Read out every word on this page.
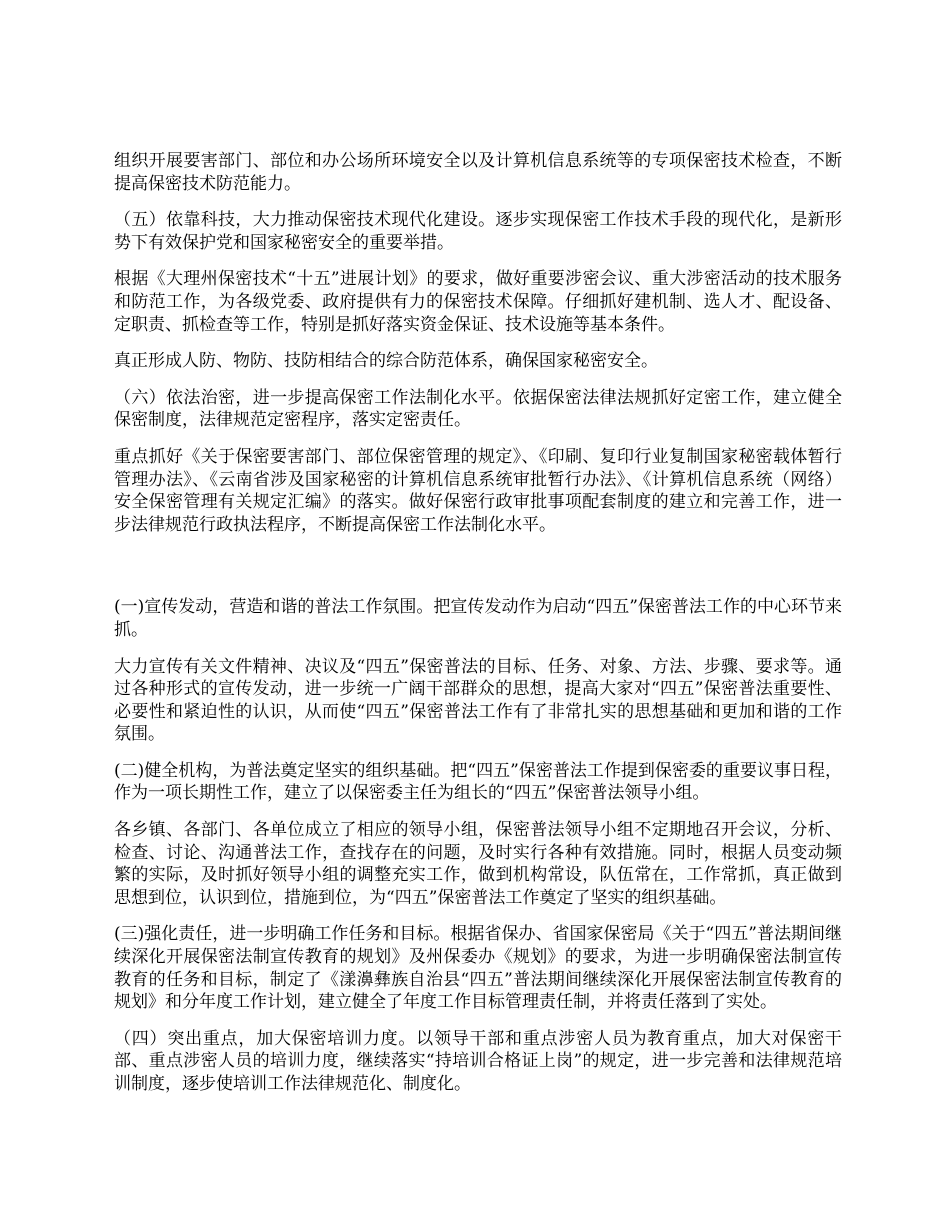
组织开展要害部门、部位和办公场所环境安全以及计算机信息系统等的专项保密技术检查，不断提高保密技术防范能力。

（五）依靠科技，大力推动保密技术现代化建设。逐步实现保密工作技术手段的现代化，是新形势下有效保护党和国家秘密安全的重要举措。

根据《大理州保密技术“十五”进展计划》的要求，做好重要涉密会议、重大涉密活动的技术服务和防范工作，为各级党委、政府提供有力的保密技术保障。仔细抓好建机制、选人才、配设备、定职责、抓检查等工作，特别是抓好落实资金保证、技术设施等基本条件。

真正形成人防、物防、技防相结合的综合防范体系，确保国家秘密安全。

（六）依法治密，进一步提高保密工作法制化水平。依据保密法律法规抓好定密工作，建立健全保密制度，法律规范定密程序，落实定密责任。

重点抓好《关于保密要害部门、部位保密管理的规定》、《印刷、复印行业复制国家秘密载体暂行管理办法》、《云南省涉及国家秘密的计算机信息系统审批暂行办法》、《计算机信息系统（网络）安全保密管理有关规定汇编》的落实。做好保密行政审批事项配套制度的建立和完善工作，进一步法律规范行政执法程序，不断提高保密工作法制化水平。

(一)宣传发动，营造和谐的普法工作氛围。把宣传发动作为启动“四五”保密普法工作的中心环节来抓。

大力宣传有关文件精神、决议及“四五”保密普法的目标、任务、对象、方法、步骤、要求等。通过各种形式的宣传发动，进一步统一广阔干部群众的思想，提高大家对“四五”保密普法重要性、必要性和紧迫性的认识，从而使“四五”保密普法工作有了非常扎实的思想基础和更加和谐的工作氛围。

(二)健全机构，为普法奠定坚实的组织基础。把“四五”保密普法工作提到保密委的重要议事日程，作为一项长期性工作，建立了以保密委主任为组长的“四五”保密普法领导小组。

各乡镇、各部门、各单位成立了相应的领导小组，保密普法领导小组不定期地召开会议，分析、检查、讨论、沟通普法工作，查找存在的问题，及时实行各种有效措施。同时，根据人员变动频繁的实际，及时抓好领导小组的调整充实工作，做到机构常设，队伍常在，工作常抓，真正做到思想到位，认识到位，措施到位，为“四五”保密普法工作奠定了坚实的组织基础。

(三)强化责任，进一步明确工作任务和目标。根据省保办、省国家保密局《关于“四五”普法期间继续深化开展保密法制宣传教育的规划》及州保委办《规划》的要求，为进一步明确保密法制宣传教育的任务和目标，制定了《漾濞彝族自治县“四五”普法期间继续深化开展保密法制宣传教育的规划》和分年度工作计划，建立健全了年度工作目标管理责任制，并将责任落到了实处。

（四）突出重点，加大保密培训力度。以领导干部和重点涉密人员为教育重点，加大对保密干部、重点涉密人员的培训力度，继续落实“持培训合格证上岗”的规定，进一步完善和法律规范培训制度，逐步使培训工作法律规范化、制度化。
